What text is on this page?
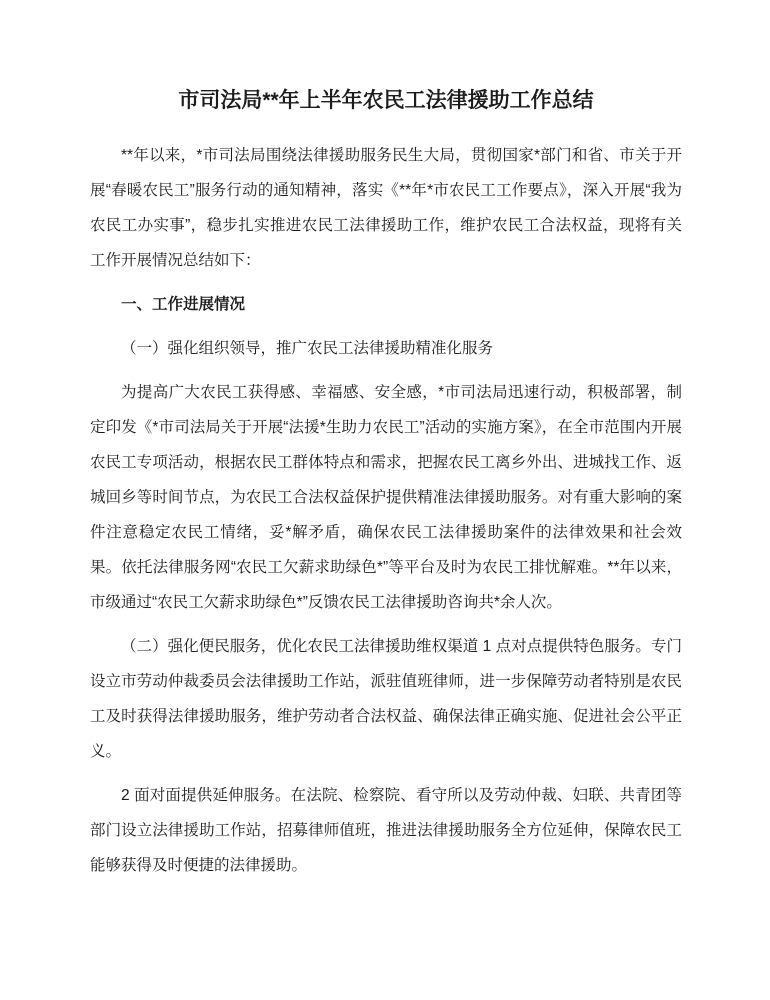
市司法局**年上半年农民工法律援助工作总结

**年以来，*市司法局围绕法律援助服务民生大局，贯彻国家*部门和省、市关于开展“春暖农民工”服务行动的通知精神，落实《**年*市农民工工作要点》，深入开展“我为农民工办实事”，稳步扎实推进农民工法律援助工作，维护农民工合法权益，现将有关工作开展情况总结如下：

一、工作进展情况

（一）强化组织领导，推广农民工法律援助精准化服务

为提高广大农民工获得感、幸福感、安全感，*市司法局迅速行动，积极部署，制定印发《*市司法局关于开展“法援*生助力农民工”活动的实施方案》，在全市范围内开展农民工专项活动，根据农民工群体特点和需求，把握农民工离乡外出、进城找工作、返城回乡等时间节点，为农民工合法权益保护提供精准法律援助服务。对有重大影响的案件注意稳定农民工情绪，妥*解矛盾，确保农民工法律援助案件的法律效果和社会效果。依托法律服务网“农民工欠薪求助绿色*”等平台及时为农民工排忧解难。**年以来，市级通过“农民工欠薪求助绿色*”反馈农民工法律援助咨询共*余人次。

（二）强化便民服务，优化农民工法律援助维权渠道 1 点对点提供特色服务。专门设立市劳动仲裁委员会法律援助工作站，派驻值班律师，进一步保障劳动者特别是农民工及时获得法律援助服务，维护劳动者合法权益、确保法律正确实施、促进社会公平正义。

2 面对面提供延伸服务。在法院、检察院、看守所以及劳动仲裁、妇联、共青团等部门设立法律援助工作站，招募律师值班，推进法律援助服务全方位延伸，保障农民工能够获得及时便捷的法律援助。
